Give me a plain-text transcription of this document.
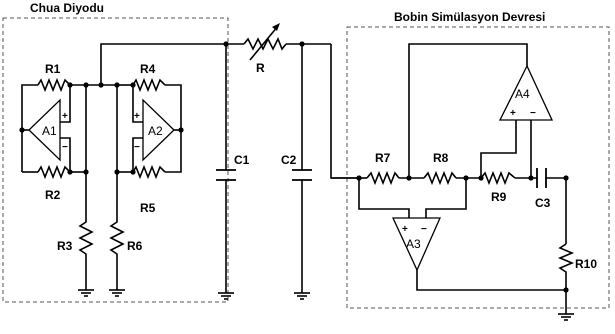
Chua Diyodu
Bobin Simülasyon Devresi
A1
+
−
A2
+
−
R1
R2
R3
R4
R5
R6
R
C1	C2
A3
+ −
A4
+ −
R7	R8
R9
R10
C3
